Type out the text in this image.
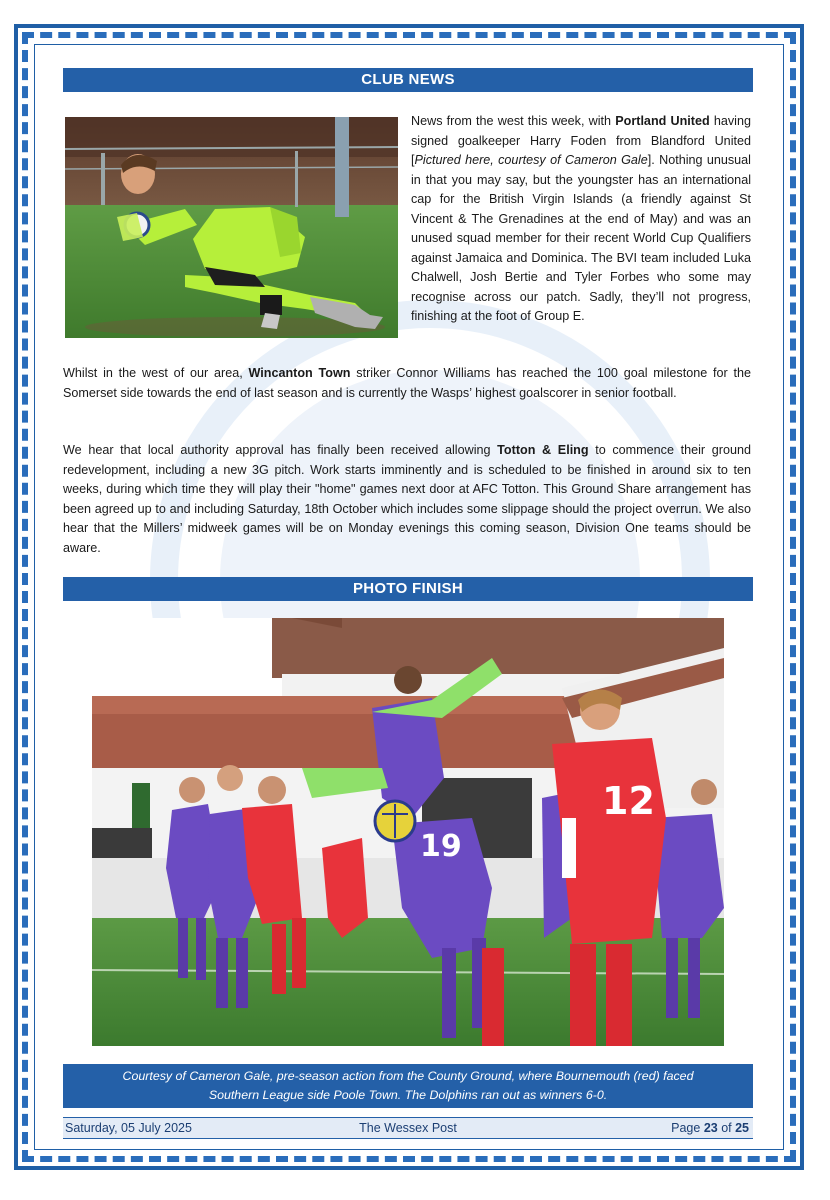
CLUB NEWS
News from the west this week, with Portland United having signed goalkeeper Harry Foden from Blandford United [Pictured here, courtesy of Cameron Gale]. Nothing unusual in that you may say, but the youngster has an international cap for the British Virgin Islands (a friendly against St Vincent & The Grenadines at the end of May) and was an unused squad member for their recent World Cup Qualifiers against Jamaica and Dominica. The BVI team included Luka Chalwell, Josh Bertie and Tyler Forbes who some may recognise across our patch. Sadly, they’ll not progress, finishing at the foot of Group E.
Whilst in the west of our area, Wincanton Town striker Connor Williams has reached the 100 goal milestone for the Somerset side towards the end of last season and is currently the Wasps’ highest goalscorer in senior football.
We hear that local authority approval has finally been received allowing Totton & Eling to commence their ground redevelopment, including a new 3G pitch. Work starts imminently and is scheduled to be finished in around six to ten weeks, during which time they will play their "home" games next door at AFC Totton. This Ground Share arrangement has been agreed up to and including Saturday, 18th October which includes some slippage should the project overrun. We also hear that the Millers’ midweek games will be on Monday evenings this coming season, Division One teams should be aware.
PHOTO FINISH
19
12
Courtesy of Cameron Gale, pre-season action from the County Ground, where Bournemouth (red) faced
Southern League side Poole Town. The Dolphins ran out as winners 6-0.
Saturday, 05 July 2025	The Wessex Post	Page 23 of 25
